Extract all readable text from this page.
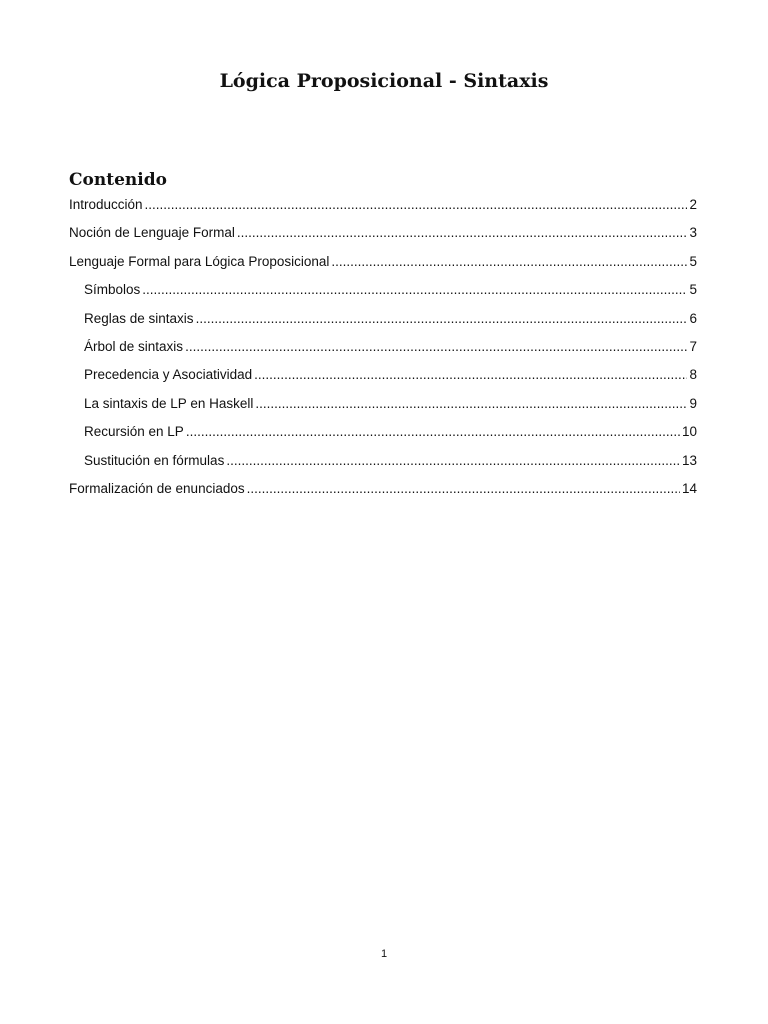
Lógica Proposicional - Sintaxis
Contenido
Introducción .....	2
Noción de Lenguaje Formal .....	3
Lenguaje Formal para Lógica Proposicional .....	5
Símbolos .....	5
Reglas de sintaxis .....	6
Árbol de sintaxis .....	7
Precedencia y Asociatividad .....	8
La sintaxis de LP en Haskell .....	9
Recursión en LP .....	10
Sustitución en fórmulas .....	13
Formalización de enunciados .....	14
1
